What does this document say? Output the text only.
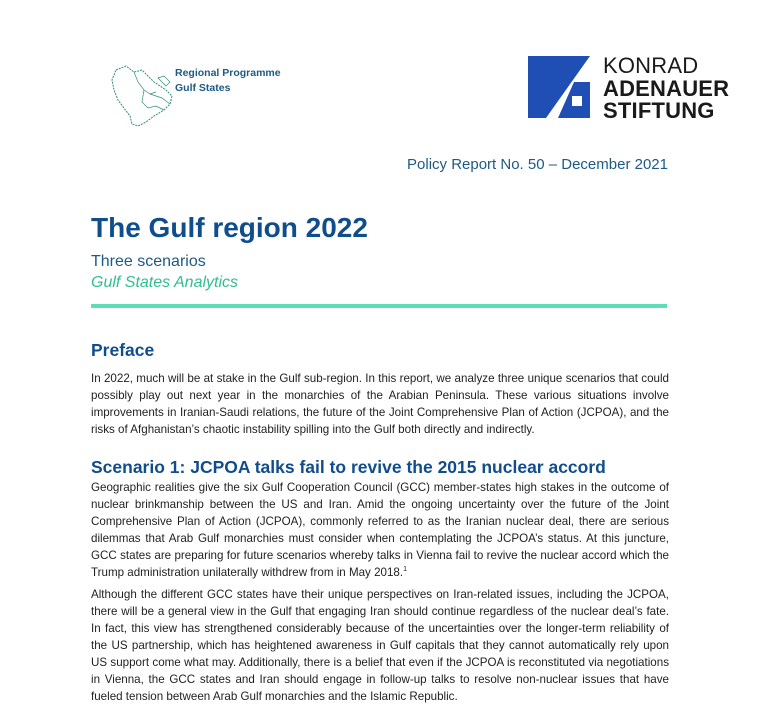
Regional Programme
Gulf States
KONRAD
ADENAUER
STIFTUNG
Policy Report No. 50 – December 2021
The Gulf region 2022
Three scenarios
Gulf States Analytics
Preface

In 2022, much will be at stake in the Gulf sub-region. In this report, we analyze three unique scenarios that could possibly play out next year in the monarchies of the Arabian Peninsula. These various situations involve improvements in Iranian-Saudi relations, the future of the Joint Comprehensive Plan of Action (JCPOA), and the risks of Afghanistan’s chaotic instability spilling into the Gulf both directly and indirectly.

Scenario 1: JCPOA talks fail to revive the 2015 nuclear accord

Geographic realities give the six Gulf Cooperation Council (GCC) member-states high stakes in the outcome of nuclear brinkmanship between the US and Iran. Amid the ongoing uncertainty over the future of the Joint Comprehensive Plan of Action (JCPOA), commonly referred to as the Iranian nuclear deal, there are serious dilemmas that Arab Gulf monarchies must consider when contemplating the JCPOA’s status. At this juncture, GCC states are preparing for future scenarios whereby talks in Vienna fail to revive the nuclear accord which the Trump administration unilaterally withdrew from in May 2018.$^1$

Although the different GCC states have their unique perspectives on Iran-related issues, including the JCPOA, there will be a general view in the Gulf that engaging Iran should continue regardless of the nuclear deal’s fate. In fact, this view has strengthened considerably because of the uncertainties over the longer-term reliability of the US partnership, which has heightened awareness in Gulf capitals that they cannot automatically rely upon US support come what may. Additionally, there is a belief that even if the JCPOA is reconstituted via negotiations in Vienna, the GCC states and Iran should engage in follow-up talks to resolve non-nuclear issues that have fueled tension between Arab Gulf monarchies and the Islamic Republic.
